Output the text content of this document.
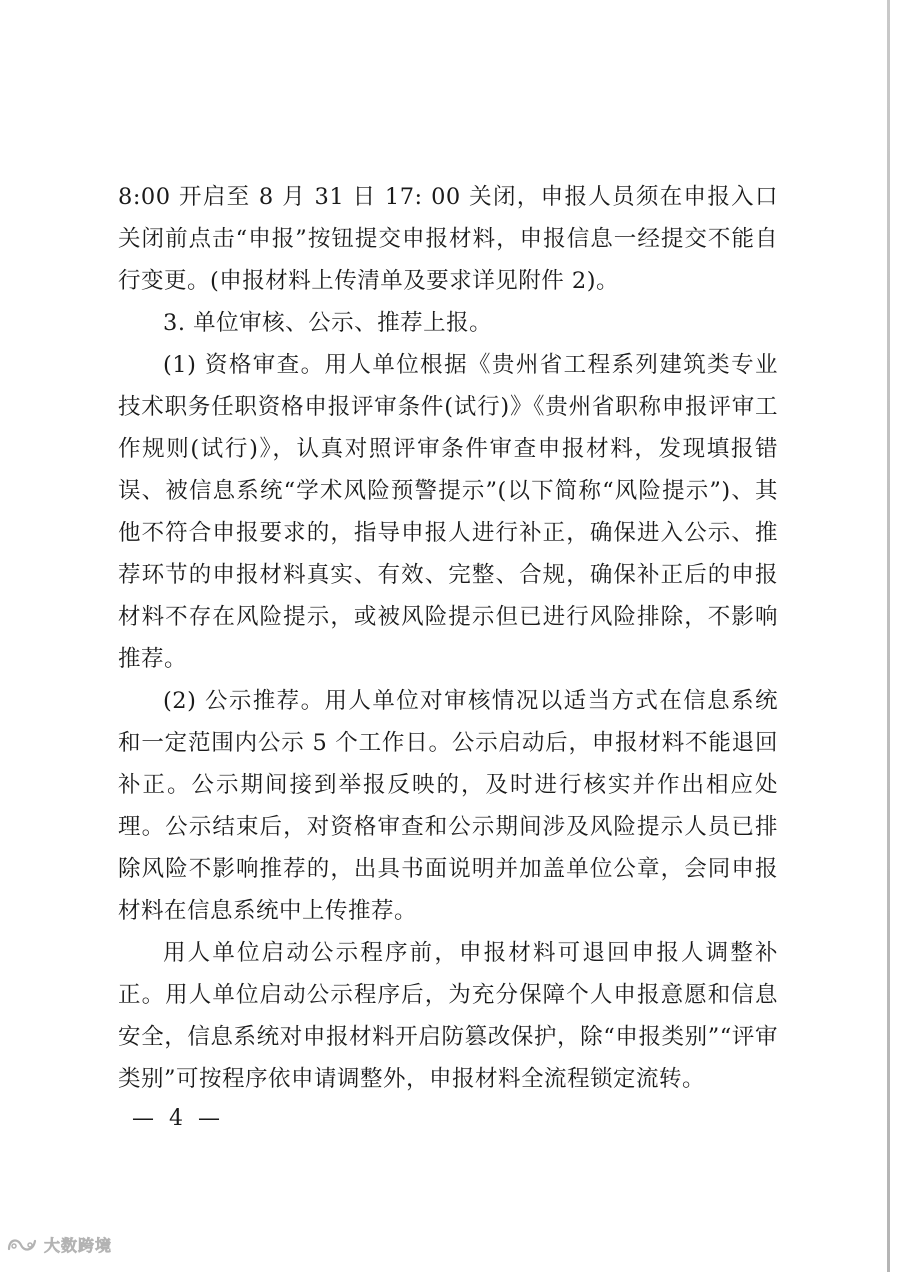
8:00 开启至 8 月 31 日 17: 00 关闭，申报人员须在申报入口关闭前点击“申报”按钮提交申报材料，申报信息一经提交不能自行变更。(申报材料上传清单及要求详见附件 2)。

3. 单位审核、公示、推荐上报。

(1) 资格审查。用人单位根据《贵州省工程系列建筑类专业技术职务任职资格申报评审条件(试行)》《贵州省职称申报评审工作规则(试行)》，认真对照评审条件审查申报材料，发现填报错误、被信息系统“学术风险预警提示”(以下简称“风险提示”)、其他不符合申报要求的，指导申报人进行补正，确保进入公示、推荐环节的申报材料真实、有效、完整、合规，确保补正后的申报材料不存在风险提示，或被风险提示但已进行风险排除，不影响推荐。

(2) 公示推荐。用人单位对审核情况以适当方式在信息系统和一定范围内公示 5 个工作日。公示启动后，申报材料不能退回补正。公示期间接到举报反映的，及时进行核实并作出相应处理。公示结束后，对资格审查和公示期间涉及风险提示人员已排除风险不影响推荐的，出具书面说明并加盖单位公章，会同申报材料在信息系统中上传推荐。

用人单位启动公示程序前，申报材料可退回申报人调整补正。用人单位启动公示程序后，为充分保障个人申报意愿和信息安全，信息系统对申报材料开启防篡改保护，除“申报类别”“评审类别”可按程序依申请调整外，申报材料全流程锁定流转。

— 4 —
大数跨境
